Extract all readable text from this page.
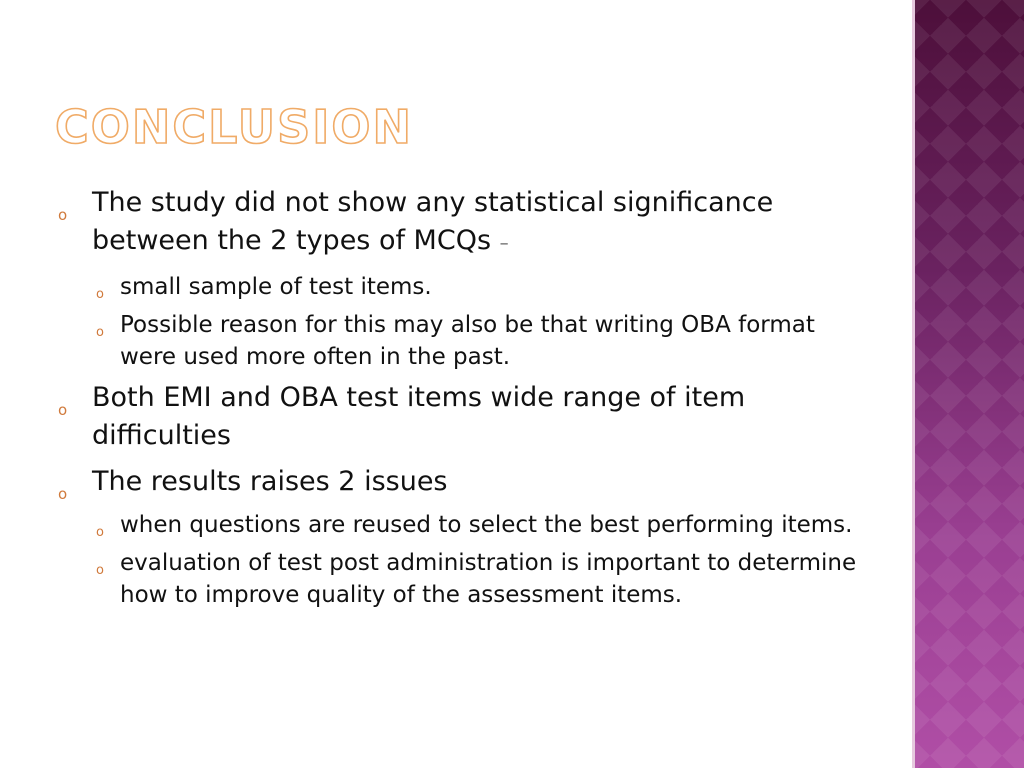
CONCLUSION
o The study did not show any statistical significance between the 2 types of MCQs –
o small sample of test items.
o Possible reason for this may also be that writing OBA format were used more often in the past.
o Both EMI and OBA test items wide range of item difficulties
o The results raises 2 issues
o when questions are reused to select the best performing items.
o evaluation of test post administration is important to determine how to improve quality of the assessment items.
